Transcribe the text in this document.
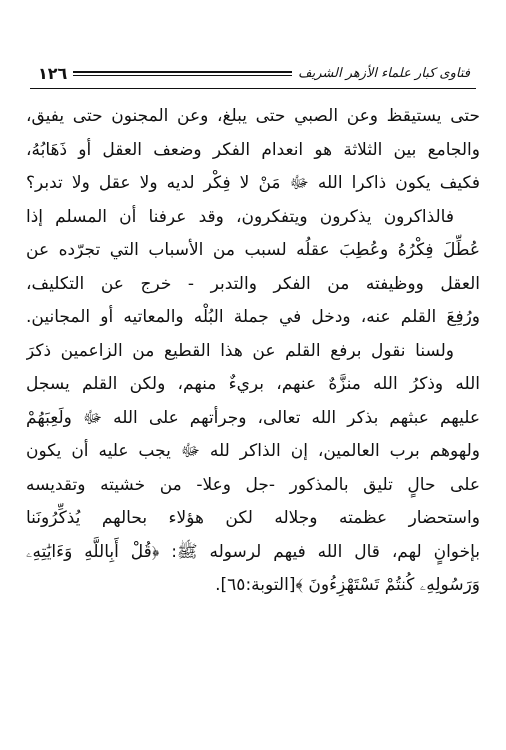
١٢٦	فتاوى كبار علماء الأزهر الشريف
حتى يستيقظ وعن الصبي حتى يبلغ، وعن المجنون حتى يفيق،
والجامع بين الثلاثة هو انعدام الفكر وضعف العقل أو ذَهَابُهُ،
فكيف يكون ذاكرا الله ﷻ مَنْ لا فِكْر لديه ولا عقل ولا تدبر؟
فالذاكرون يذكرون ويتفكرون، وقد عرفنا أن المسلم إذا
عُطِّلَ فِكْرُهُ وعُطِبَ عقلُه لسبب من الأسباب التي تجرّده عن
العقل ووظيفته من الفكر والتدبر - خرج عن التكليف،
ورُفِعَ القلم عنه، ودخل في جملة البُلْه والمعاتيه أو المجانين.
ولسنا نقول برفع القلم عن هذا القطيع من الزاعمين ذكرَ
الله وذكرُ الله منزَّهٌ عنهم، بريءٌ منهم، ولكن القلم يسجل
عليهم عبثهم بذكر الله تعالى، وجرأتهم على الله ﷻ ولَعِبَهُمْ
ولهوهم برب العالمين، إن الذاكر لله ﷻ يجب عليه أن يكون
على حالٍ تليق بالمذكور -جل وعلا- من خشيته وتقديسه
واستحضار عظمته وجلاله لكن هؤلاء بحالهم يُذكِّرُونَنا
بإخوانٍ لهم، قال الله فيهم لرسوله ﷺ: ﴿قُلْ أَبِاللَّهِ وَءَايَٰتِهِۦ
وَرَسُولِهِۦ كُنتُمْ تَسْتَهْزِءُونَ ﴾[التوبة:٦٥].
